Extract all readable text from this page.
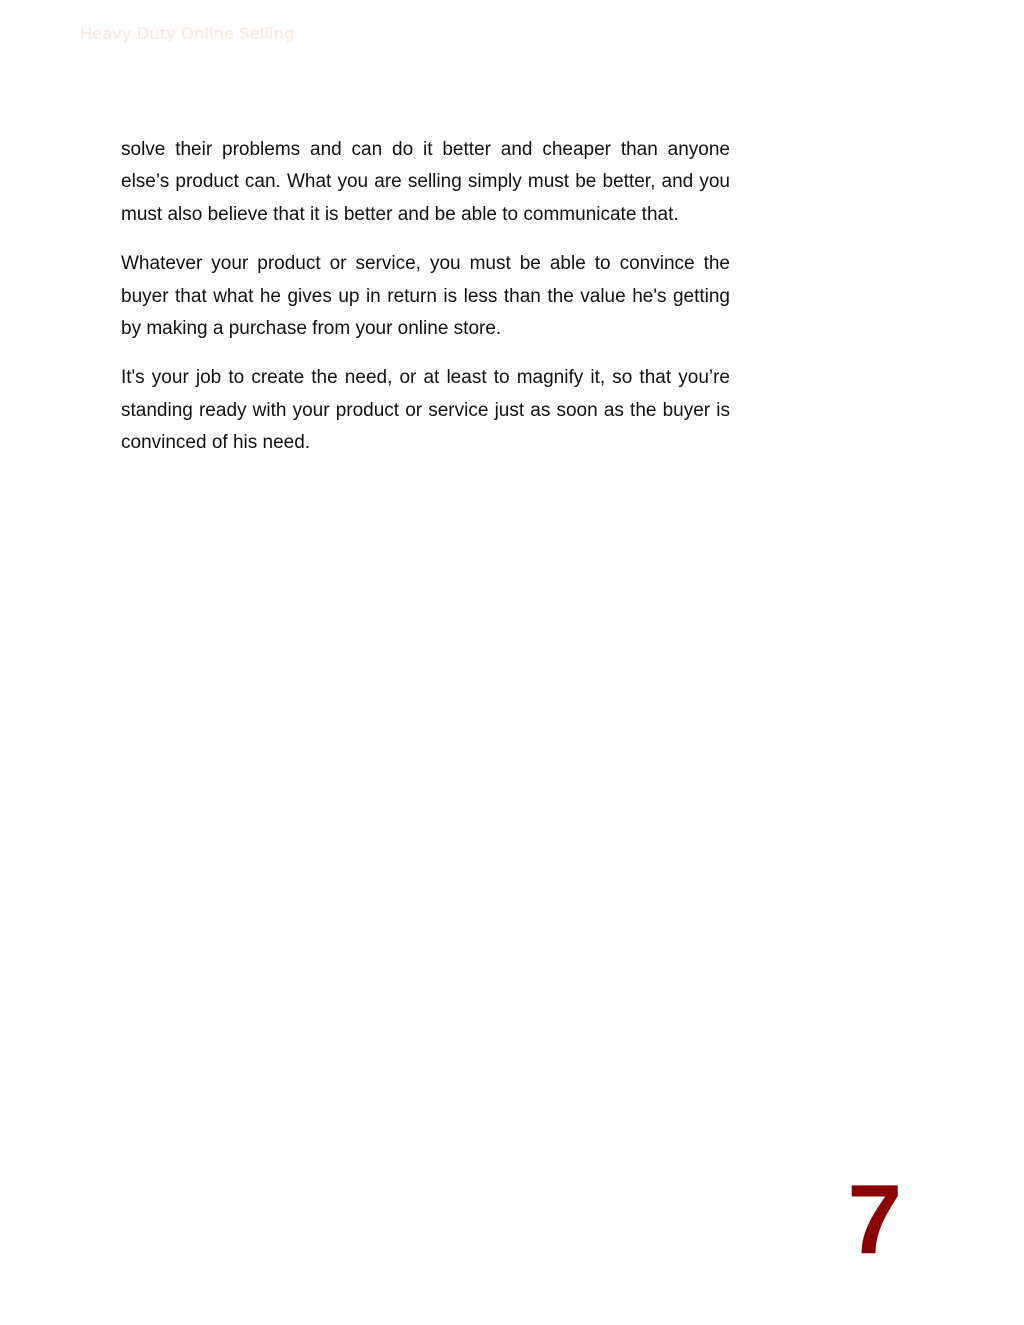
Heavy Duty Online Selling

solve their problems and can do it better and cheaper than anyone else’s product can. What you are selling simply must be better, and you must also believe that it is better and be able to communicate that.

Whatever your product or service, you must be able to convince the buyer that what he gives up in return is less than the value he's getting by making a purchase from your online store.

It's your job to create the need, or at least to magnify it, so that you’re standing ready with your product or service just as soon as the buyer is convinced of his need.

7
